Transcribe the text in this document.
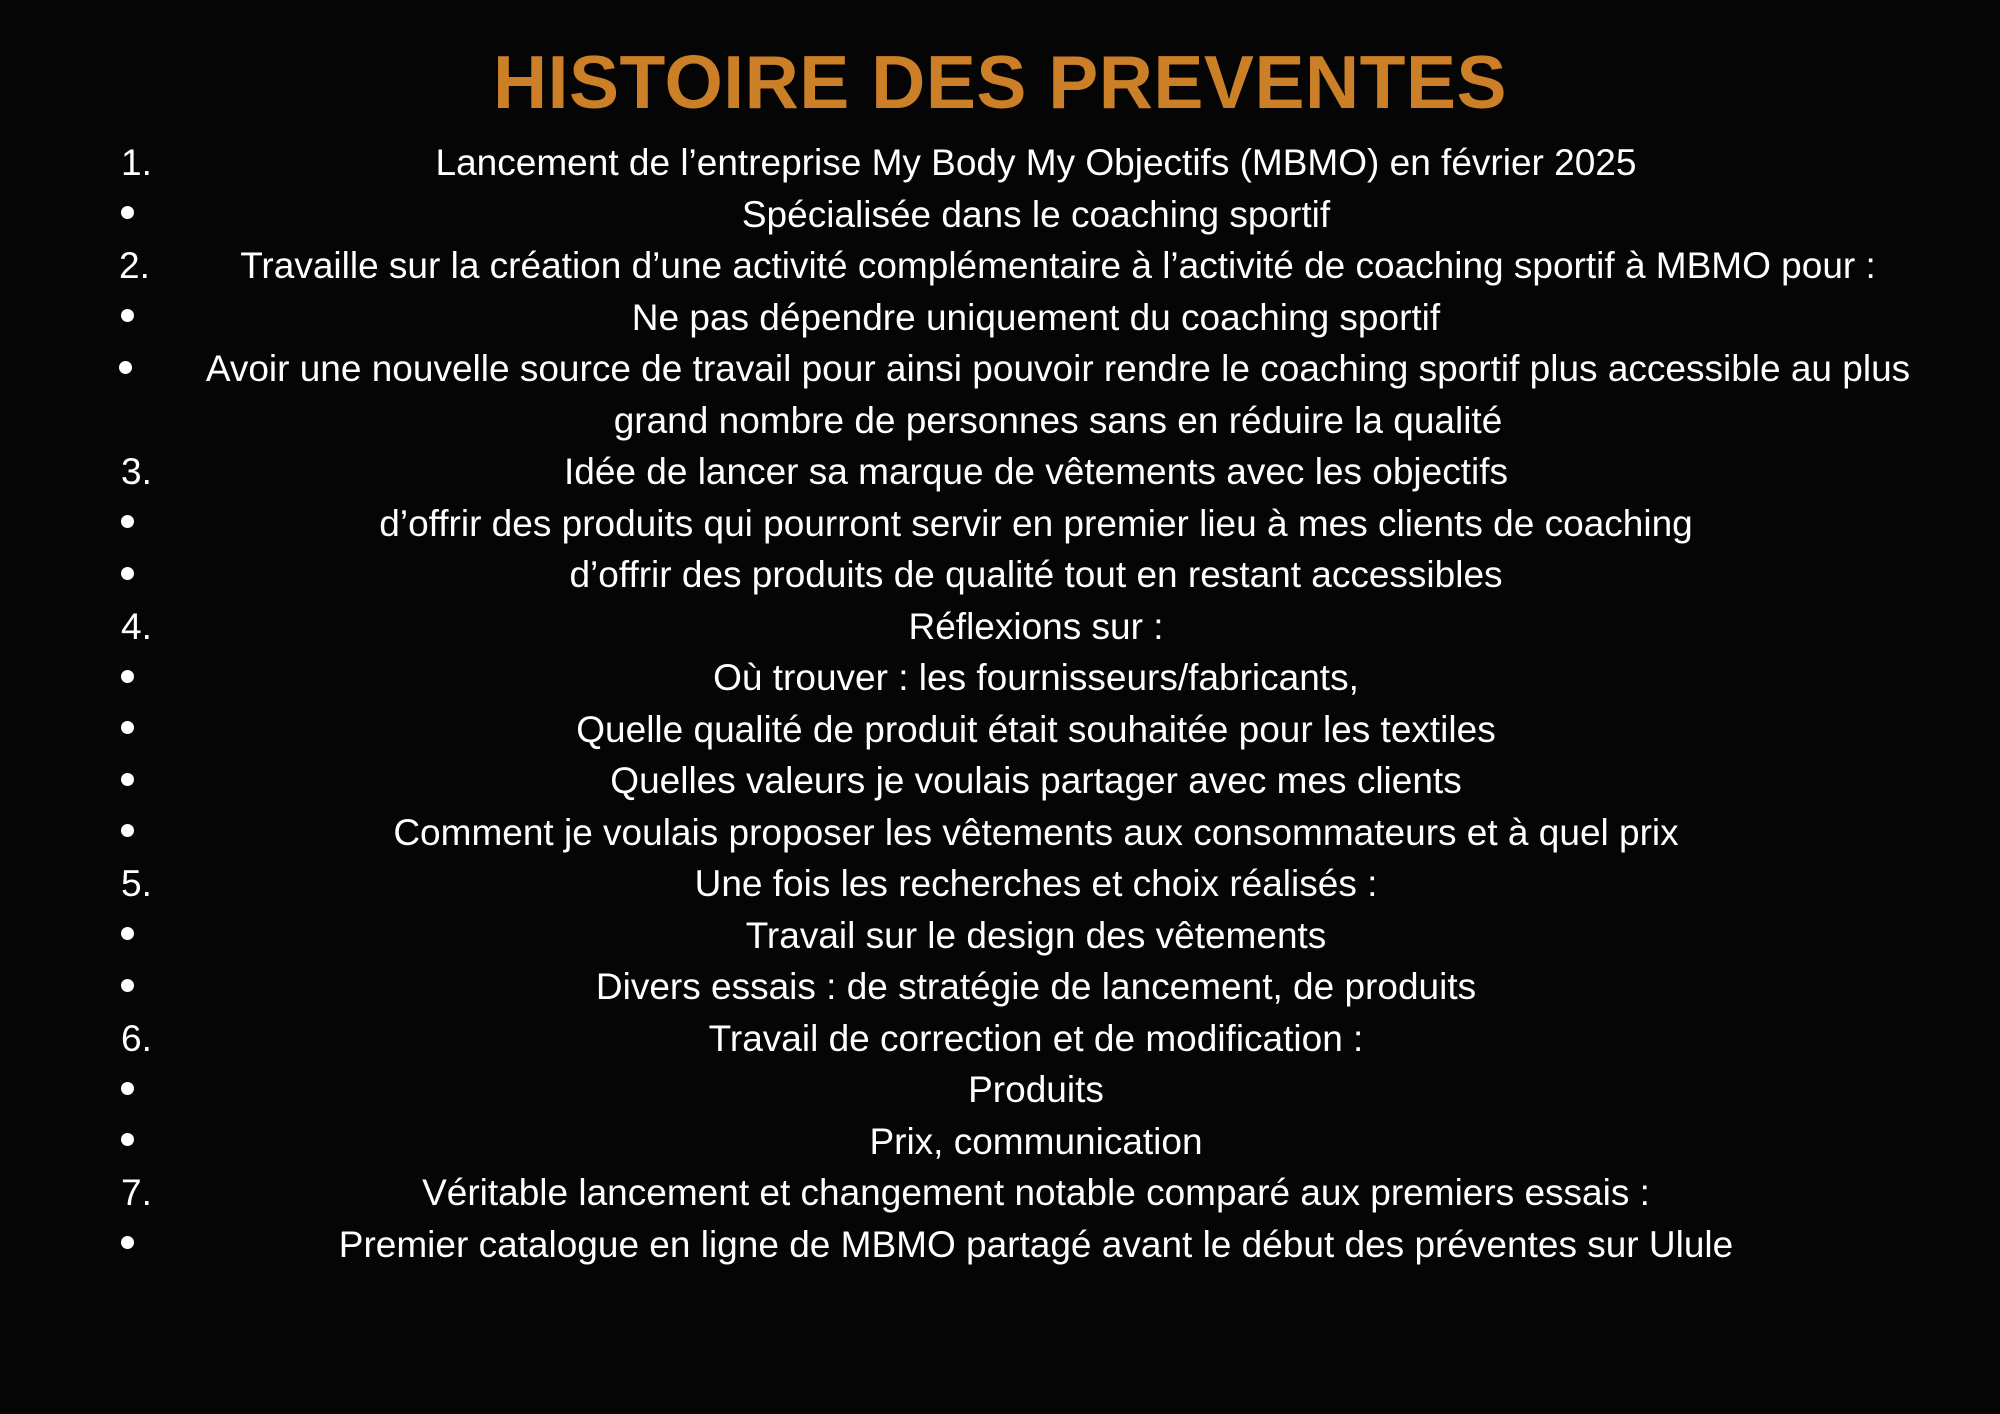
HISTOIRE DES PREVENTES
1.	Lancement de l’entreprise My Body My Objectifs (MBMO) en février 2025
Spécialisée dans le coaching sportif
2.	Travaille sur la création d’une activité complémentaire à l’activité de coaching sportif à MBMO pour :
Ne pas dépendre uniquement du coaching sportif
Avoir une nouvelle source de travail pour ainsi pouvoir rendre le coaching sportif plus accessible au plus grand nombre de personnes sans en réduire la qualité
3.	Idée de lancer sa marque de vêtements avec les objectifs
d’offrir des produits qui pourront servir en premier lieu à mes clients de coaching
d’offrir des produits de qualité tout en restant accessibles
4.	Réflexions sur :
Où trouver : les fournisseurs/fabricants,
Quelle qualité de produit était souhaitée pour les textiles
Quelles valeurs je voulais partager avec mes clients
Comment je voulais proposer les vêtements aux consommateurs et à quel prix
5.	Une fois les recherches et choix réalisés :
Travail sur le design des vêtements
Divers essais : de stratégie de lancement, de produits
6.	Travail de correction et de modification :
Produits
Prix, communication
7.	Véritable lancement et changement notable comparé aux premiers essais :
Premier catalogue en ligne de MBMO partagé avant le début des préventes sur Ulule
